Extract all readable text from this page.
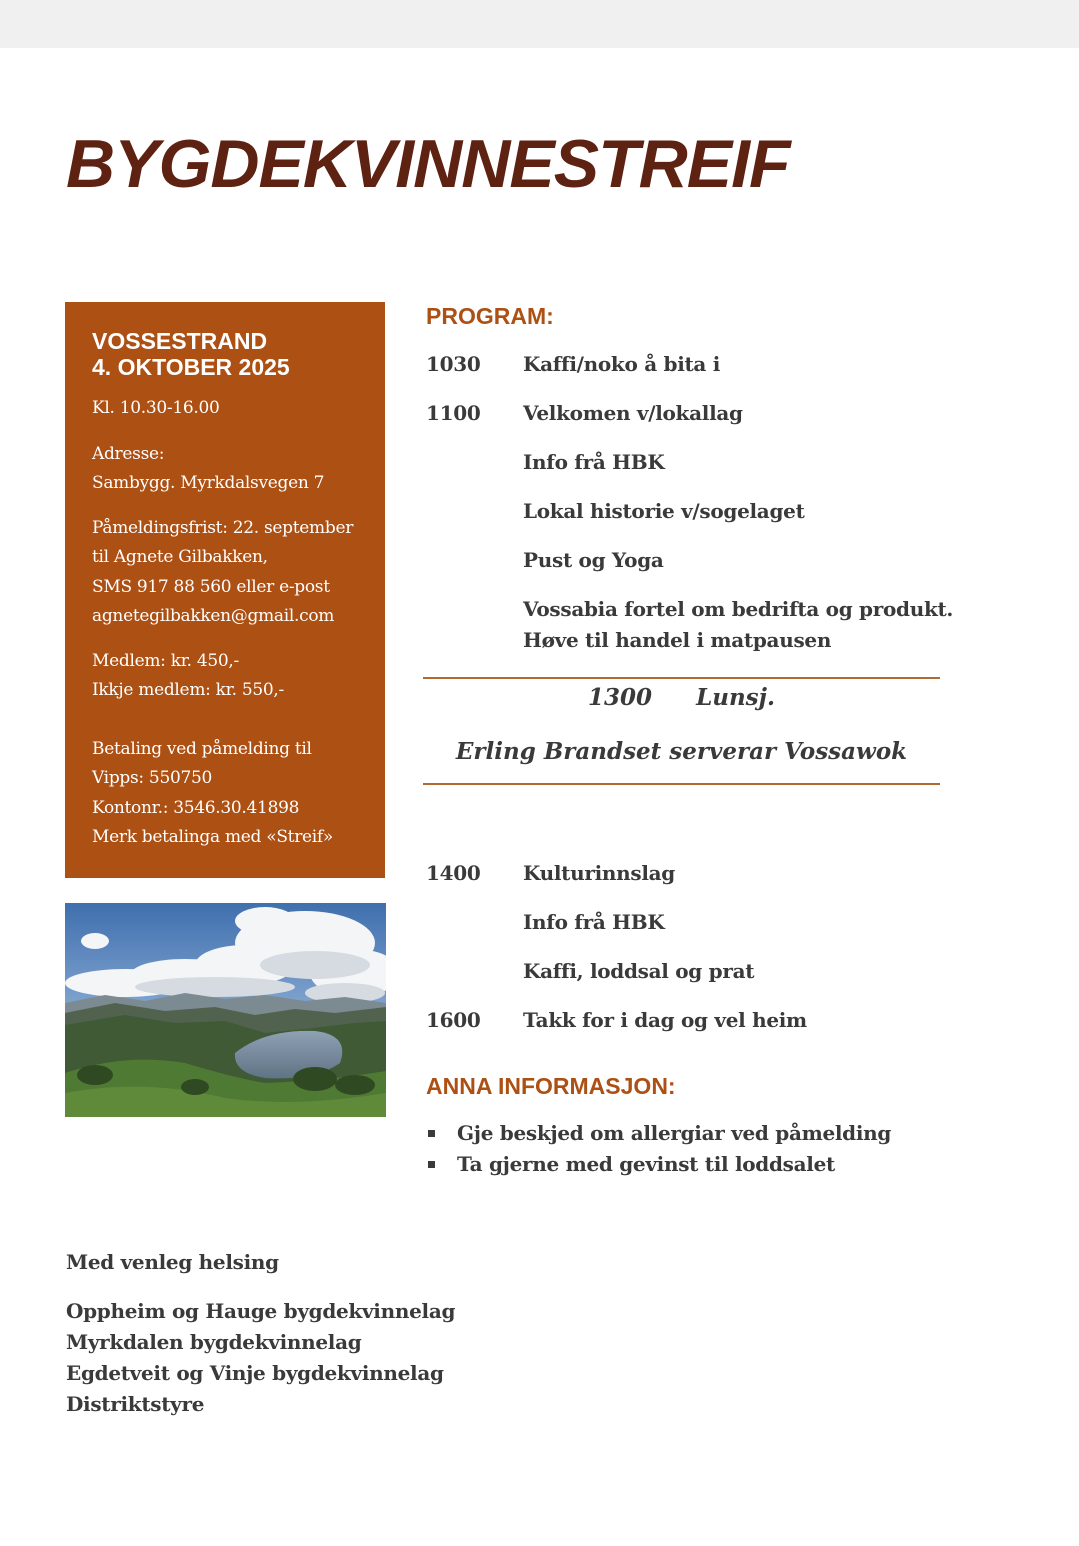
BYGDEKVINNESTREIF
VOSSESTRAND
4. OKTOBER 2025

Kl. 10.30-16.00

Adresse:

Sambygg. Myrkdalsvegen 7

Påmeldingsfrist: 22. september

til Agnete Gilbakken,

SMS 917 88 560 eller e-post

agnetegilbakken@gmail.com

Medlem: kr. 450,-

Ikkje medlem: kr. 550,-

Betaling ved påmelding til

Vipps: 550750

Kontonr.: 3546.30.41898

Merk betalinga med «Streif»

PROGRAM:
1030	Kaffi/noko å bita i
1100	Velkomen v/lokallag
Info frå HBK
Lokal historie v/sogelaget
Pust og Yoga
Vossabia fortel om bedrifta og produkt.
Høve til handel i matpausen
1300 Lunsj.
Erling Brandset serverar Vossawok
1400	Kulturinnslag
Info frå HBK
Kaffi, loddsal og prat
1600	Takk for i dag og vel heim
ANNA INFORMASJON:
Gje beskjed om allergiar ved påmelding
Ta gjerne med gevinst til loddsalet
Med venleg helsing
Oppheim og Hauge bygdekvinnelag
Myrkdalen bygdekvinnelag
Egdetveit og Vinje bygdekvinnelag
Distriktstyre
